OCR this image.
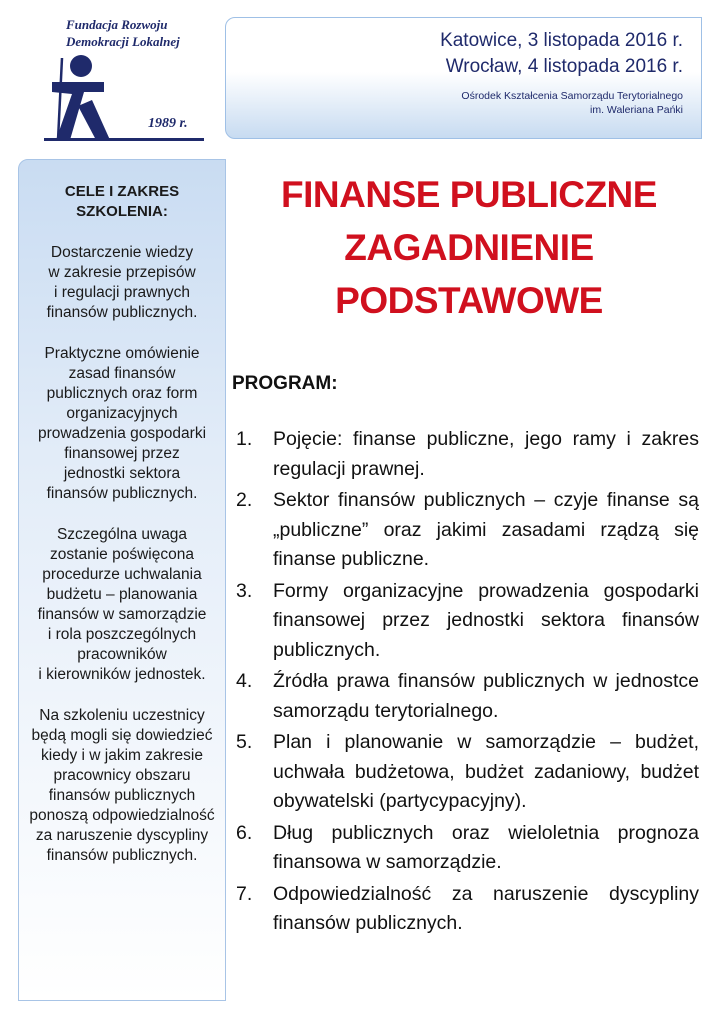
Fundacja Rozwoju
Demokracji Lokalnej
1989 r.
Katowice, 3 listopada 2016 r.
Wrocław, 4 listopada 2016 r.
Ośrodek Kształcenia Samorządu Terytorialnego
im. Waleriana Pańki
CELE I ZAKRES
SZKOLENIA:
Dostarczenie wiedzy
w zakresie przepisów
i regulacji prawnych
finansów publicznych.
Praktyczne omówienie
zasad finansów
publicznych oraz form
organizacyjnych
prowadzenia gospodarki
finansowej przez
jednostki sektora
finansów publicznych.
Szczególna uwaga
zostanie poświęcona
procedurze uchwalania
budżetu – planowania
finansów w samorządzie
i rola poszczególnych
pracowników
i kierowników jednostek.
Na szkoleniu uczestnicy
będą mogli się dowiedzieć
kiedy i w jakim zakresie
pracownicy obszaru
finansów publicznych
ponoszą odpowiedzialność
za naruszenie dyscypliny
finansów publicznych.
FINANSE PUBLICZNE
ZAGADNIENIE
PODSTAWOWE
PROGRAM:
1.	Pojęcie: finanse publiczne, jego ramy i zakres regulacji prawnej.
2.	Sektor finansów publicznych – czyje finanse są „publiczne” oraz jakimi zasadami rządzą się finanse publiczne.
3.	Formy organizacyjne prowadzenia gospodarki finansowej przez jednostki sektora finansów publicznych.
4.	Źródła prawa finansów publicznych w jednostce samorządu terytorialnego.
5.	Plan i planowanie w samorządzie – budżet, uchwała budżetowa, budżet zadaniowy, budżet obywatelski (partycypacyjny).
6.	Dług publicznych oraz wieloletnia prognoza finansowa w samorządzie.
7.	Odpowiedzialność za naruszenie dyscypliny finansów publicznych.
